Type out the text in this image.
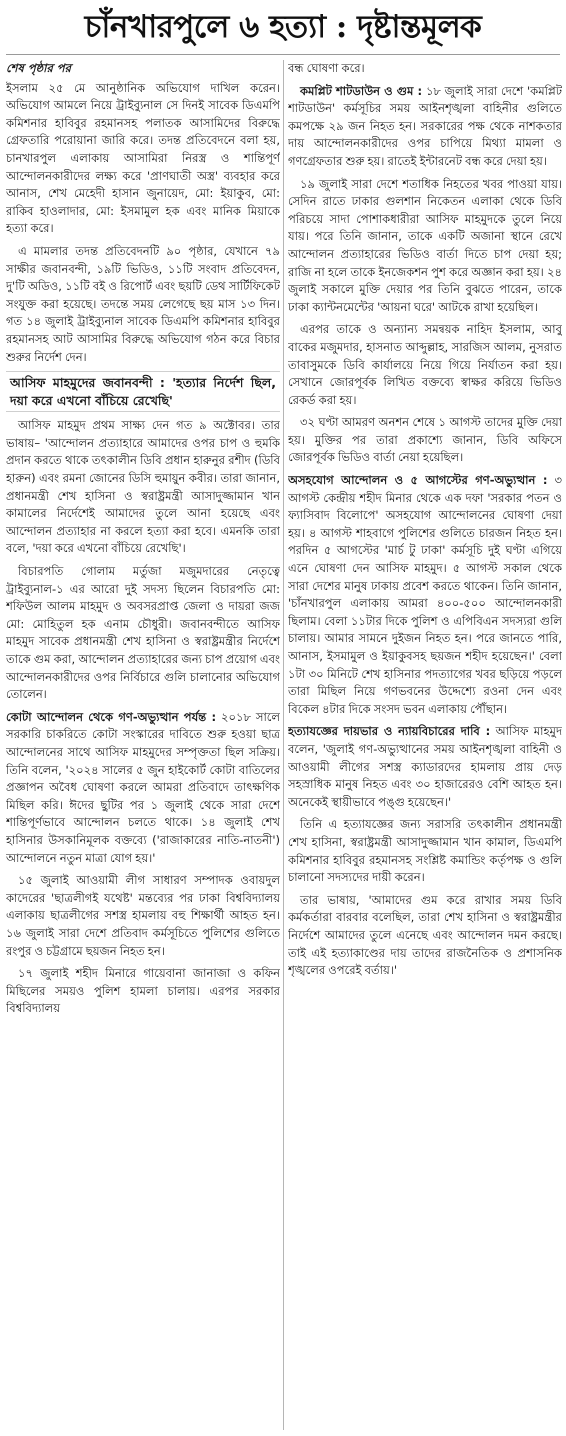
চাঁনখারপুলে ৬ হত্যা : দৃষ্টান্তমূলক
শেষ পৃষ্ঠার পর

ইসলাম ২৫ মে আনুষ্ঠানিক অভিযোগ দাখিল করেন। অভিযোগ আমলে নিয়ে ট্রাইব্যুনাল সে দিনই সাবেক ডিএমপি কমিশনার হাবিবুর রহমানসহ পলাতক আসামিদের বিরুদ্ধে গ্রেফতারি পরোয়ানা জারি করে। তদন্ত প্রতিবেদনে বলা হয়, চানখারপুল এলাকায় আসামিরা নিরস্ত্র ও শান্তিপূর্ণ আন্দোলনকারীদের লক্ষ্য করে 'প্রাণঘাতী অস্ত্র' ব্যবহার করে আনাস, শেখ মেহেদী হাসান জুনায়েদ, মো: ইয়াকুব, মো: রাকিব হাওলাদার, মো: ইসমামুল হক এবং মানিক মিয়াকে হত্যা করে।

এ মামলার তদন্ত প্রতিবেদনটি ৯০ পৃষ্ঠার, যেখানে ৭৯ সাক্ষীর জবানবন্দী, ১৯টি ভিডিও, ১১টি সংবাদ প্রতিবেদন, দু'টি অডিও, ১১টি বই ও রিপোর্ট এবং ছয়টি ডেথ সার্টিফিকেট সংযুক্ত করা হয়েছে। তদন্তে সময় লেগেছে ছয় মাস ১৩ দিন। গত ১৪ জুলাই ট্রাইব্যুনাল সাবেক ডিএমপি কমিশনার হাবিবুর রহমানসহ আট আসামির বিরুদ্ধে অভিযোগ গঠন করে বিচার শুরুর নির্দেশ দেন।

আসিফ মাহমুদের জবানবন্দী : 'হত্যার নির্দেশ ছিল, দয়া করে এখনো বাঁচিয়ে রেখেছি'

আসিফ মাহমুদ প্রথম সাক্ষ্য দেন গত ৯ অক্টোবর। তার ভাষায়– 'আন্দোলন প্রত্যাহারে আমাদের ওপর চাপ ও হুমকি প্রদান করতে থাকে তৎকালীন ডিবি প্রধান হারুনুর রশীদ (ডিবি হারুন) এবং রমনা জোনের ডিসি হুমায়ুন কবীর। তারা জানান, প্রধানমন্ত্রী শেখ হাসিনা ও স্বরাষ্ট্রমন্ত্রী আসাদুজ্জামান খান কামালের নির্দেশেই আমাদের তুলে আনা হয়েছে এবং আন্দোলন প্রত্যাহার না করলে হত্যা করা হবে। এমনকি তারা বলে, 'দয়া করে এখনো বাঁচিয়ে রেখেছি'।

বিচারপতি গোলাম মর্তুজা মজুমদারের নেতৃত্বে ট্রাইব্যুনাল-১ এর আরো দুই সদস্য ছিলেন বিচারপতি মো: শফিউল আলম মাহমুদ ও অবসরপ্রাপ্ত জেলা ও দায়রা জজ মো: মোহিতুল হক এনাম চৌধুরী। জবানবন্দীতে আসিফ মাহমুদ সাবেক প্রধানমন্ত্রী শেখ হাসিনা ও স্বরাষ্ট্রমন্ত্রীর নির্দেশে তাকে গুম করা, আন্দোলন প্রত্যাহারের জন্য চাপ প্রয়োগ এবং আন্দোলনকারীদের ওপর নির্বিচারে গুলি চালানোর অভিযোগ তোলেন।

কোটা আন্দোলন থেকে গণ-অভ্যুত্থান পর্যন্ত : ২০১৮ সালে সরকারি চাকরিতে কোটা সংস্কারের দাবিতে শুরু হওয়া ছাত্র আন্দোলনের সাথে আসিফ মাহমুদের সম্পৃক্ততা ছিল সক্রিয়। তিনি বলেন, '২০২৪ সালের ৫ জুন হাইকোর্ট কোটা বাতিলের প্রজ্ঞাপন অবৈধ ঘোষণা করলে আমরা প্রতিবাদে তাৎক্ষণিক মিছিল করি। ঈদের ছুটির পর ১ জুলাই থেকে সারা দেশে শান্তিপূর্ণভাবে আন্দোলন চলতে থাকে। ১৪ জুলাই শেখ হাসিনার উসকানিমূলক বক্তব্যে ('রাজাকারের নাতি-নাতনী') আন্দোলনে নতুন মাত্রা যোগ হয়।'

১৫ জুলাই আওয়ামী লীগ সাধারণ সম্পাদক ওবায়দুল কাদেরের 'ছাত্রলীগই যথেষ্ট' মন্তব্যের পর ঢাকা বিশ্ববিদ্যালয় এলাকায় ছাত্রলীগের সশস্ত্র হামলায় বহু শিক্ষার্থী আহত হন। ১৬ জুলাই সারা দেশে প্রতিবাদ কর্মসূচিতে পুলিশের গুলিতে রংপুর ও চট্টগ্রামে ছয়জন নিহত হন।

১৭ জুলাই শহীদ মিনারে গায়েবানা জানাজা ও কফিন মিছিলের সময়ও পুলিশ হামলা চালায়। এরপর সরকার বিশ্ববিদ্যালয়

বন্ধ ঘোষণা করে।

কমপ্লিট শাটডাউন ও গুম : ১৮ জুলাই সারা দেশে 'কমপ্লিট শাটডাউন' কর্মসূচির সময় আইনশৃঙ্খলা বাহিনীর গুলিতে কমপক্ষে ২৯ জন নিহত হন। সরকারের পক্ষ থেকে নাশকতার দায় আন্দোলনকারীদের ওপর চাপিয়ে মিথ্যা মামলা ও গণগ্রেফতার শুরু হয়। রাতেই ইন্টারনেট বন্ধ করে দেয়া হয়।

১৯ জুলাই সারা দেশে শতাধিক নিহতের খবর পাওয়া যায়। সেদিন রাতে ঢাকার গুলশান নিকেতন এলাকা থেকে ডিবি পরিচয়ে সাদা পোশাকধারীরা আসিফ মাহমুদকে তুলে নিয়ে যায়। পরে তিনি জানান, তাকে একটি অজানা স্থানে রেখে আন্দোলন প্রত্যাহারের ভিডিও বার্তা দিতে চাপ দেয়া হয়; রাজি না হলে তাকে ইনজেকশন পুশ করে অজ্ঞান করা হয়। ২৪ জুলাই সকালে মুক্তি দেয়ার পর তিনি বুঝতে পারেন, তাকে ঢাকা ক্যান্টনমেন্টের 'আয়না ঘরে' আটকে রাখা হয়েছিল।

এরপর তাকে ও অন্যান্য সমন্বয়ক নাহিদ ইসলাম, আবু বাকের মজুমদার, হাসনাত আব্দুল্লাহ, সারজিস আলম, নুসরাত তাবাসুমকে ডিবি কার্যালয়ে নিয়ে গিয়ে নির্যাতন করা হয়। সেখানে জোরপূর্বক লিখিত বক্তব্যে স্বাক্ষর করিয়ে ভিডিও রেকর্ড করা হয়।

৩২ ঘণ্টা আমরণ অনশন শেষে ১ আগস্ট তাদের মুক্তি দেয়া হয়। মুক্তির পর তারা প্রকাশ্যে জানান, ডিবি অফিসে জোরপূর্বক ভিডিও বার্তা নেয়া হয়েছিল।

অসহযোগ আন্দোলন ও ৫ আগস্টের গণ-অভ্যুত্থান : ৩ আগস্ট কেন্দ্রীয় শহীদ মিনার থেকে এক দফা 'সরকার পতন ও ফ্যাসিবাদ বিলোপে' অসহযোগ আন্দোলনের ঘোষণা দেয়া হয়। ৪ আগস্ট শাহবাগে পুলিশের গুলিতে চারজন নিহত হন। পরদিন ৫ আগস্টের 'মার্চ টু ঢাকা' কর্মসূচি দুই ঘণ্টা এগিয়ে এনে ঘোষণা দেন আসিফ মাহমুদ। ৫ আগস্ট সকাল থেকে সারা দেশের মানুষ ঢাকায় প্রবেশ করতে থাকেন। তিনি জানান, 'চাঁনখারপুল এলাকায় আমরা ৪০০-৫০০ আন্দোলনকারী ছিলাম। বেলা ১১টার দিকে পুলিশ ও এপিবিএন সদস্যরা গুলি চালায়। আমার সামনে দুইজন নিহত হন। পরে জানতে পারি, আনাস, ইসমামুল ও ইয়াকুবসহ ছয়জন শহীদ হয়েছেন।' বেলা ১টা ৩০ মিনিটে শেখ হাসিনার পদত্যাগের খবর ছড়িয়ে পড়লে তারা মিছিল নিয়ে গণভবনের উদ্দেশ্যে রওনা দেন এবং বিকেল ৪টার দিকে সংসদ ভবন এলাকায় পৌঁছান।

হত্যাযজ্ঞের দায়ভার ও ন্যায়বিচারের দাবি : আসিফ মাহমুদ বলেন, 'জুলাই গণ-অভ্যুত্থানের সময় আইনশৃঙ্খলা বাহিনী ও আওয়ামী লীগের সশস্ত্র ক্যাডারদের হামলায় প্রায় দেড় সহস্রাধিক মানুষ নিহত এবং ৩০ হাজারেরও বেশি আহত হন। অনেকেই স্থায়ীভাবে পঙ্গু হয়েছেন।'

তিনি এ হত্যাযজ্ঞের জন্য সরাসরি তৎকালীন প্রধানমন্ত্রী শেখ হাসিনা, স্বরাষ্ট্রমন্ত্রী আসাদুজ্জামান খান কামাল, ডিএমপি কমিশনার হাবিবুর রহমানসহ সংশ্লিষ্ট কমান্ডিং কর্তৃপক্ষ ও গুলি চালানো সদস্যদের দায়ী করেন।

তার ভাষায়, 'আমাদের গুম করে রাখার সময় ডিবি কর্মকর্তারা বারবার বলেছিল, তারা শেখ হাসিনা ও স্বরাষ্ট্রমন্ত্রীর নির্দেশে আমাদের তুলে এনেছে এবং আন্দোলন দমন করছে। তাই এই হত্যাকাণ্ডের দায় তাদের রাজনৈতিক ও প্রশাসনিক শৃঙ্খলের ওপরেই বর্তায়।'
